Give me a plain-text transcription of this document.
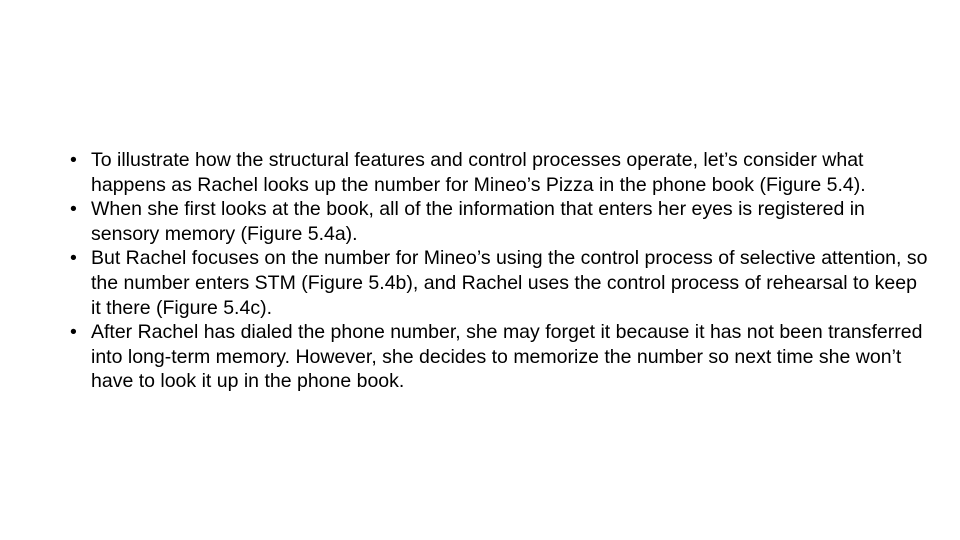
• To illustrate how the structural features and control processes operate, let’s consider what happens as Rachel looks up the number for Mineo’s Pizza in the phone book (Figure 5.4).
• When she first looks at the book, all of the information that enters her eyes is registered in sensory memory (Figure 5.4a).
• But Rachel focuses on the number for Mineo’s using the control process of selective attention, so the number enters STM (Figure 5.4b), and Rachel uses the control process of rehearsal to keep it there (Figure 5.4c).
• After Rachel has dialed the phone number, she may forget it because it has not been transferred into long-term memory. However, she decides to memorize the number so next time she won’t have to look it up in the phone book.
